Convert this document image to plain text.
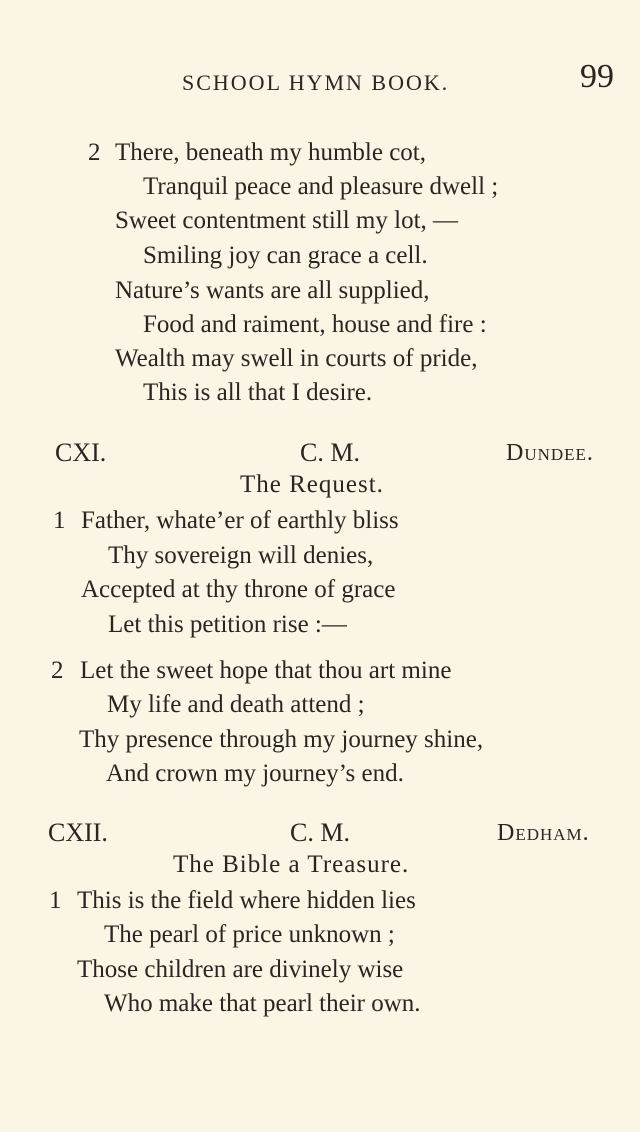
SCHOOL HYMN BOOK.	99
2 There, beneath my humble cot,
Tranquil peace and pleasure dwell ;
Sweet contentment still my lot, —
Smiling joy can grace a cell.
Nature’s wants are all supplied,
Food and raiment, house and fire :
Wealth may swell in courts of pride,
This is all that I desire.
CXI.	C. M.	Dundee.
The Request.
1 Father, whate’er of earthly bliss
Thy sovereign will denies,
Accepted at thy throne of grace
Let this petition rise :—
2 Let the sweet hope that thou art mine
My life and death attend ;
Thy presence through my journey shine,
And crown my journey’s end.
CXII.	C. M.	Dedham.
The Bible a Treasure.
1 This is the field where hidden lies
The pearl of price unknown ;
Those children are divinely wise
Who make that pearl their own.
